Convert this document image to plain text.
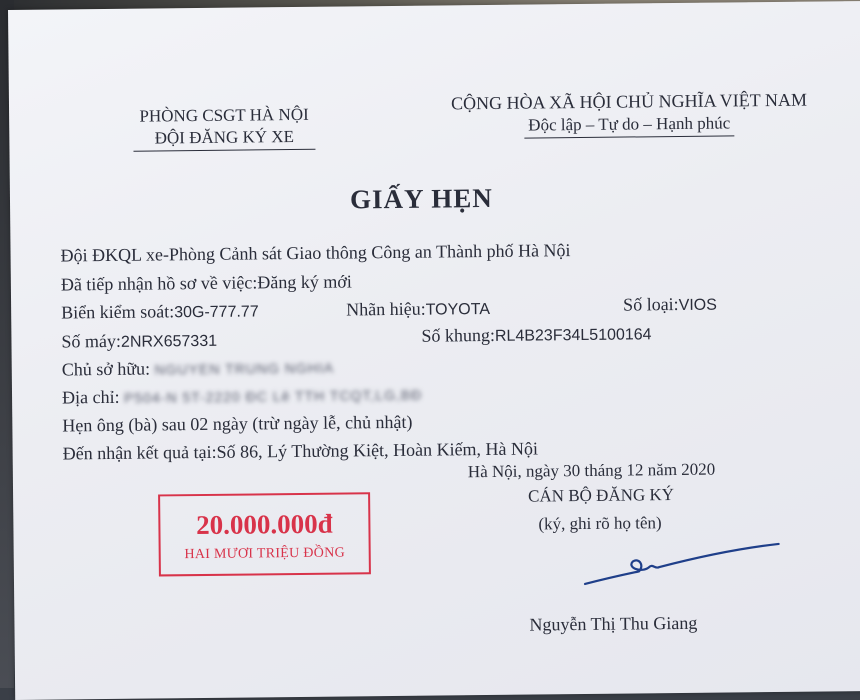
PHÒNG CSGT HÀ NỘI
ĐỘI ĐĂNG KÝ XE
CỘNG HÒA XÃ HỘI CHỦ NGHĨA VIỆT NAM
Độc lập – Tự do – Hạnh phúc
GIẤY HẸN
Đội ĐKQL xe-Phòng Cảnh sát Giao thông Công an Thành phố Hà Nội
Đã tiếp nhận hồ sơ về việc:Đăng ký mới
Biển kiểm soát:30G-777.77	Nhãn hiệu:TOYOTA	Số loại:VIOS
Số máy:2NRX657331	Số khung:RL4B23F34L5100164
Chủ sở hữu: NGUYEN TRUNG NGHIA
Địa chỉ: P504-N 5T-2220 ĐC Lê TTH TCQT,LG,BĐ
Hẹn ông (bà) sau 02 ngày (trừ ngày lễ, chủ nhật)
Đến nhận kết quả tại:Số 86, Lý Thường Kiệt, Hoàn Kiếm, Hà Nội
Hà Nội, ngày 30 tháng 12 năm 2020
CÁN BỘ ĐĂNG KÝ
(ký, ghi rõ họ tên)
20.000.000đ
HAI MƯƠI TRIỆU ĐỒNG
Nguyễn Thị Thu Giang
